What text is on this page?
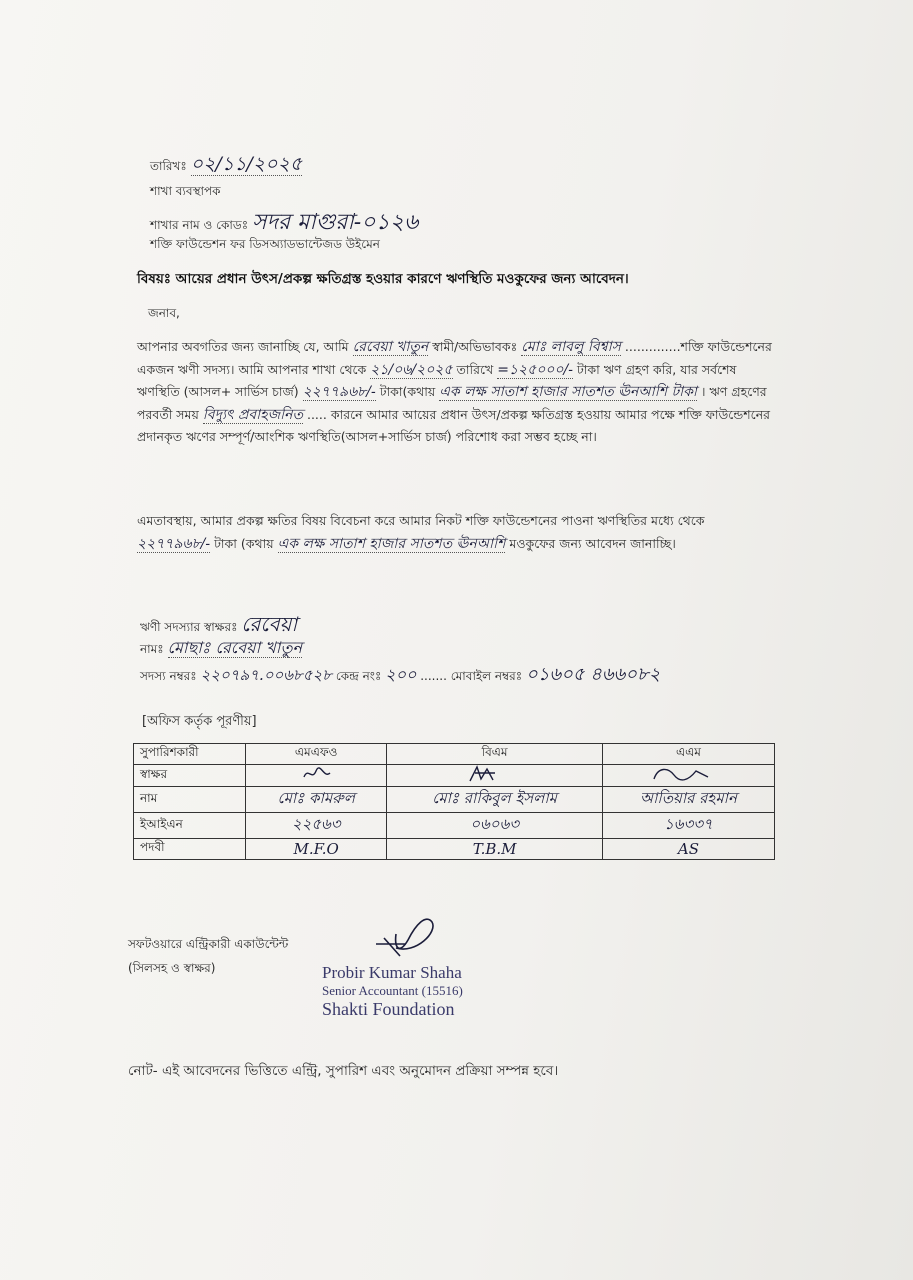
তারিখঃ ০২/১১/২০২৫
শাখা ব্যবস্থাপক
শাখার নাম ও কোডঃ সদর মাগুরা-০১২৬
শক্তি ফাউন্ডেশন ফর ডিসঅ্যাডভান্টেজড উইমেন
বিষয়ঃ আয়ের প্রধান উৎস/প্রকল্প ক্ষতিগ্রস্ত হওয়ার কারণে ঋণস্থিতি মওকুফের জন্য আবেদন।
জনাব,
আপনার অবগতির জন্য জানাচ্ছি যে, আমি রেবেয়া খাতুন স্বামী/অভিভাবকঃ মোঃ লাবলু বিশ্বাস ..............শক্তি ফাউন্ডেশনের একজন ঋণী সদস্য। আমি আপনার শাখা থেকে ২১/০৬/২০২৫ তারিখে =১২৫০০০/- টাকা ঋণ গ্রহণ করি, যার সর্বশেষ ঋণস্থিতি (আসল+ সার্ভিস চার্জ) ২২৭৭৯৬৮/- টাকা(কথায় এক লক্ষ সাতাশ হাজার সাতশত ঊনআশি টাকা । ঋণ গ্রহণের পরবর্তী সময় বিদ্যুৎ প্রবাহজনিত ..... কারনে আমার আয়ের প্রধান উৎস/প্রকল্প ক্ষতিগ্রস্ত হওয়ায় আমার পক্ষে শক্তি ফাউন্ডেশনের প্রদানকৃত ঋণের সম্পূর্ণ/আংশিক ঋণস্থিতি(আসল+সার্ভিস চার্জ) পরিশোধ করা সম্ভব হচ্ছে না।
এমতাবস্থায়, আমার প্রকল্প ক্ষতির বিষয় বিবেচনা করে আমার নিকট শক্তি ফাউন্ডেশনের পাওনা ঋণস্থিতির মধ্যে থেকে ২২৭৭৯৬৮/- টাকা (কথায় এক লক্ষ সাতাশ হাজার সাতশত ঊনআশি মওকুফের জন্য আবেদন জানাচ্ছি।
ঋণী সদস্যার স্বাক্ষরঃ রেবেয়া
নামঃ মোছাঃ রেবেয়া খাতুন
সদস্য নম্বরঃ ২২০৭৯৭.০০৬৮৫২৮ কেন্দ্র নংঃ ২০০ ....... মোবাইল নম্বরঃ ০১৬০৫ ৪৬৬০৮২
[অফিস কর্তৃক পূরণীয়]
সুপারিশকারী	এমএফও	বিএম	এএম
স্বাক্ষর			
নাম	মোঃ কামরুল	মোঃ রাকিবুল ইসলাম	আতিয়ার রহমান
ইআইএন	২২৫৬৩	০৬০৬৩	১৬৩৩৭
পদবী	M.F.O	T.B.M	AS
সফটওয়ারে এন্ট্রিকারী একাউন্টেন্ট
(সিলসহ ও স্বাক্ষর)	Probir Kumar Shaha
Senior Accountant (15516)
Shakti Foundation
নোট- এই আবেদনের ভিত্তিতে এন্ট্রি, সুপারিশ এবং অনুমোদন প্রক্রিয়া সম্পন্ন হবে।
